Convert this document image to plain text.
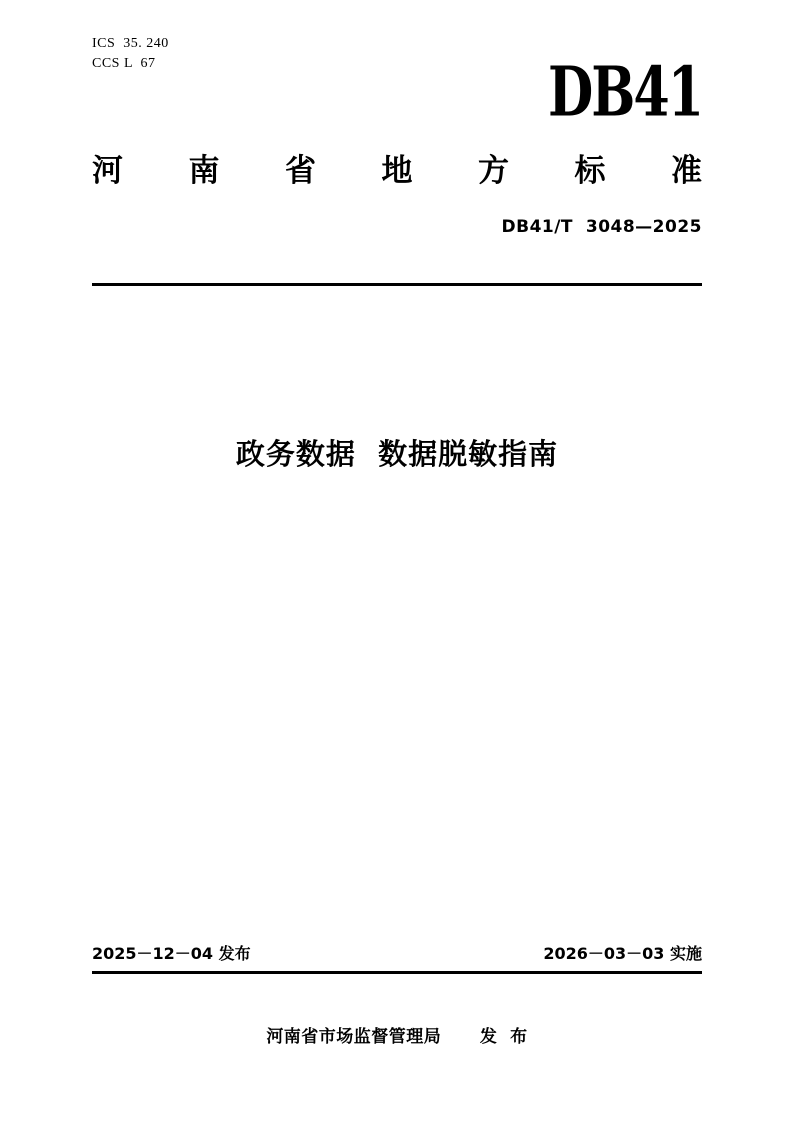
ICS  35. 240
CCS L  67	DB41
河 南 省 地 方 标 准
DB41/T  3048—2025
政务数据  数据脱敏指南
2025－12－04 发布	2026－03－03 实施
河南省市场监督管理局      发  布
